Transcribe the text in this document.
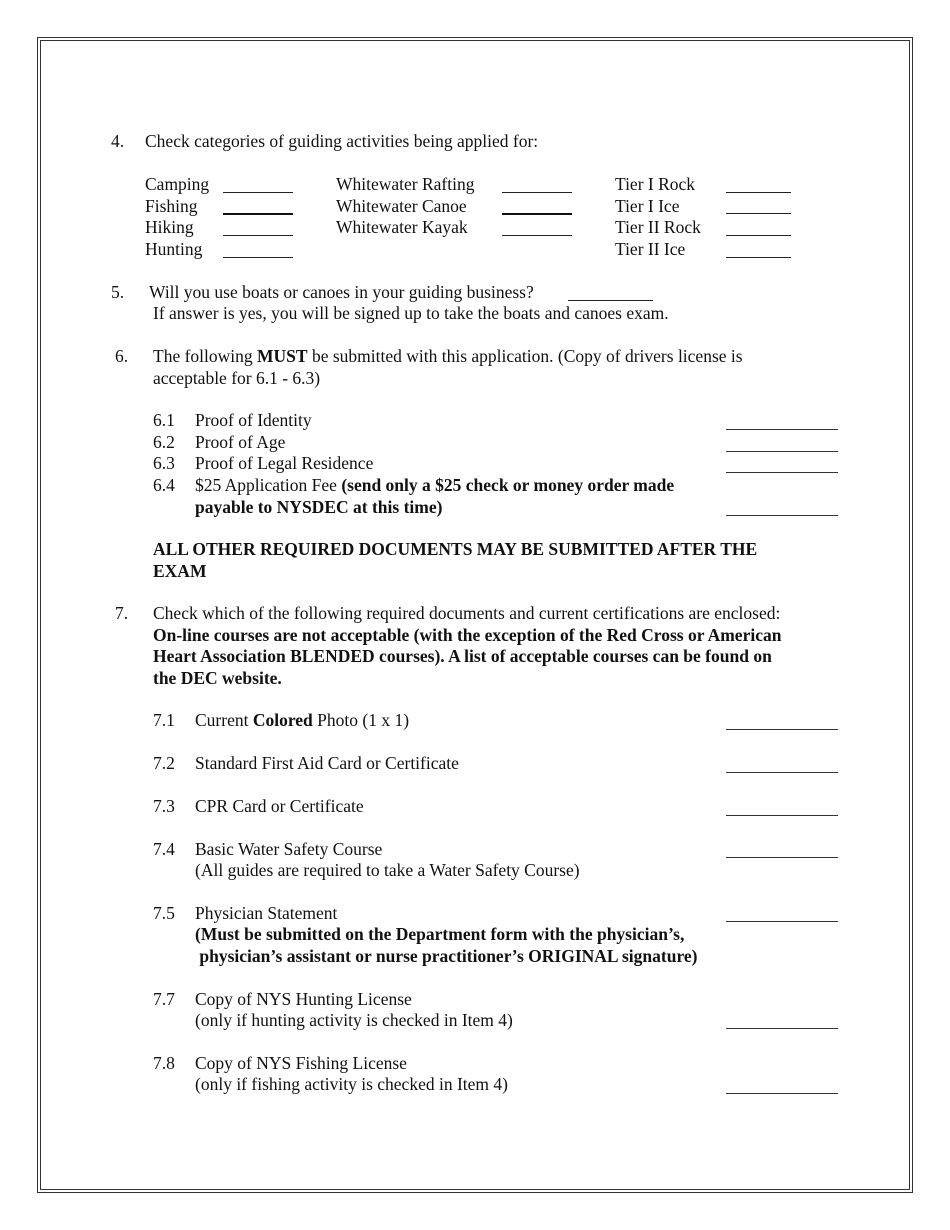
4. Check categories of guiding activities being applied for:
Camping
Fishing
Hiking
Hunting
Whitewater Rafting
Whitewater Canoe
Whitewater Kayak
Tier I Rock
Tier I Ice
Tier II Rock
Tier II Ice
5. Will you use boats or canoes in your guiding business?
If answer is yes, you will be signed up to take the boats and canoes exam.
6. The following MUST be submitted with this application. (Copy of drivers license is
acceptable for 6.1 - 6.3)
6.1 Proof of Identity
6.2 Proof of Age
6.3 Proof of Legal Residence
6.4 $25 Application Fee (send only a $25 check or money order made
payable to NYSDEC at this time)
ALL OTHER REQUIRED DOCUMENTS MAY BE SUBMITTED AFTER THE
EXAM
7. Check which of the following required documents and current certifications are enclosed:
On-line courses are not acceptable (with the exception of the Red Cross or American
Heart Association BLENDED courses). A list of acceptable courses can be found on
the DEC website.
7.1 Current Colored Photo (1 x 1)
7.2 Standard First Aid Card or Certificate
7.3 CPR Card or Certificate
7.4 Basic Water Safety Course
(All guides are required to take a Water Safety Course)
7.5 Physician Statement
(Must be submitted on the Department form with the physician’s,
physician’s assistant or nurse practitioner’s ORIGINAL signature)
7.7 Copy of NYS Hunting License
(only if hunting activity is checked in Item 4)
7.8 Copy of NYS Fishing License
(only if fishing activity is checked in Item 4)
